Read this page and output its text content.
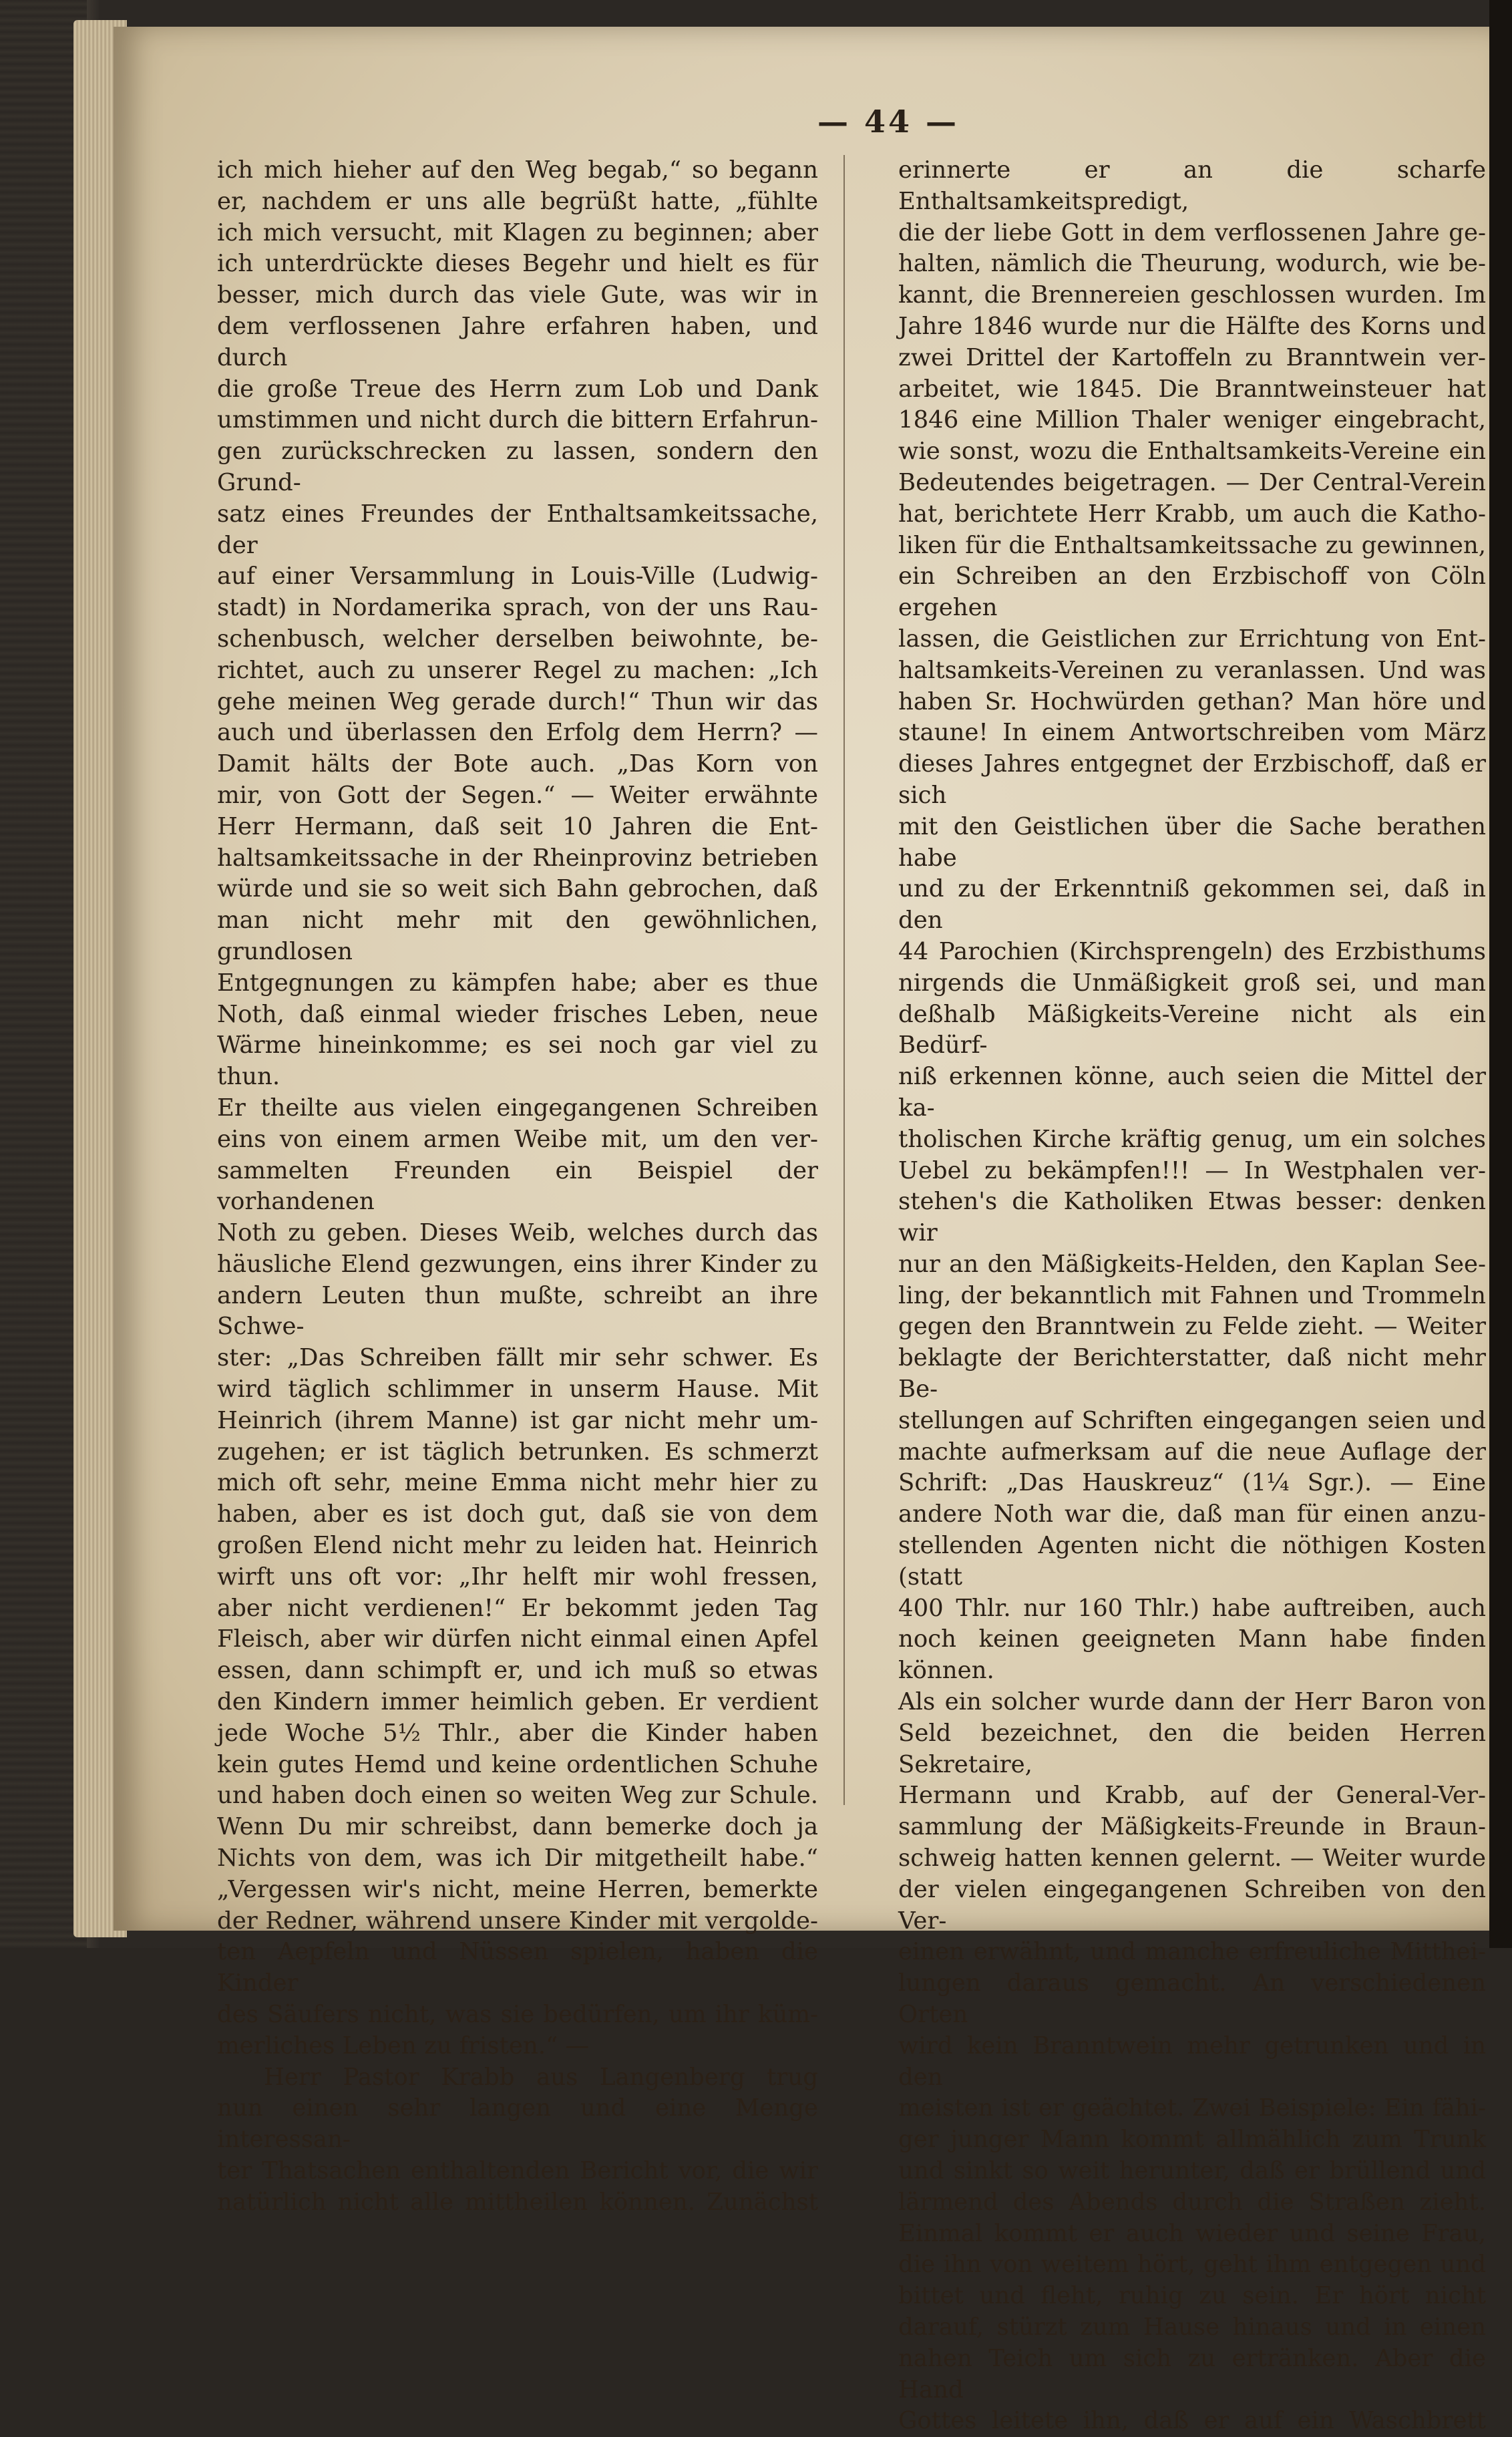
— 44 —

ich mich hieher auf den Weg begab,“ so begann

er, nachdem er uns alle begrüßt hatte, „fühlte

ich mich versucht, mit Klagen zu beginnen; aber

ich unterdrückte dieses Begehr und hielt es für

besser, mich durch das viele Gute, was wir in

dem verflossenen Jahre erfahren haben, und durch

die große Treue des Herrn zum Lob und Dank

umstimmen und nicht durch die bittern Erfahrun-

gen zurückschrecken zu lassen, sondern den Grund-

satz eines Freundes der Enthaltsamkeitssache, der

auf einer Versammlung in Louis-Ville (Ludwig-

stadt) in Nordamerika sprach, von der uns Rau-

schenbusch, welcher derselben beiwohnte, be-

richtet, auch zu unserer Regel zu machen: „Ich

gehe meinen Weg gerade durch!“ Thun wir das

auch und überlassen den Erfolg dem Herrn? —

Damit hälts der Bote auch. „Das Korn von

mir, von Gott der Segen.“ — Weiter erwähnte

Herr Hermann, daß seit 10 Jahren die Ent-

haltsamkeitssache in der Rheinprovinz betrieben

würde und sie so weit sich Bahn gebrochen, daß

man nicht mehr mit den gewöhnlichen, grundlosen

Entgegnungen zu kämpfen habe; aber es thue

Noth, daß einmal wieder frisches Leben, neue

Wärme hineinkomme; es sei noch gar viel zu thun.

Er theilte aus vielen eingegangenen Schreiben

eins von einem armen Weibe mit, um den ver-

sammelten Freunden ein Beispiel der vorhandenen

Noth zu geben. Dieses Weib, welches durch das

häusliche Elend gezwungen, eins ihrer Kinder zu

andern Leuten thun mußte, schreibt an ihre Schwe-

ster: „Das Schreiben fällt mir sehr schwer. Es

wird täglich schlimmer in unserm Hause. Mit

Heinrich (ihrem Manne) ist gar nicht mehr um-

zugehen; er ist täglich betrunken. Es schmerzt

mich oft sehr, meine Emma nicht mehr hier zu

haben, aber es ist doch gut, daß sie von dem

großen Elend nicht mehr zu leiden hat. Heinrich

wirft uns oft vor: „Ihr helft mir wohl fressen,

aber nicht verdienen!“ Er bekommt jeden Tag

Fleisch, aber wir dürfen nicht einmal einen Apfel

essen, dann schimpft er, und ich muß so etwas

den Kindern immer heimlich geben. Er verdient

jede Woche 5½ Thlr., aber die Kinder haben

kein gutes Hemd und keine ordentlichen Schuhe

und haben doch einen so weiten Weg zur Schule.

Wenn Du mir schreibst, dann bemerke doch ja

Nichts von dem, was ich Dir mitgetheilt habe.“

„Vergessen wir's nicht, meine Herren, bemerkte

der Redner, während unsere Kinder mit vergolde-

ten Aepfeln und Nüssen spielen, haben die Kinder

des Säufers nicht, was sie bedürfen, um ihr küm-

merliches Leben zu fristen.“ —

Herr Pastor Krabb aus Langenberg trug

nun einen sehr langen und eine Menge interessan-

ter Thatsachen enthaltenden Bericht vor, die wir

natürlich nicht alle mittheilen können. Zunächst

erinnerte er an die scharfe Enthaltsamkeitspredigt,

die der liebe Gott in dem verflossenen Jahre ge-

halten, nämlich die Theurung, wodurch, wie be-

kannt, die Brennereien geschlossen wurden. Im

Jahre 1846 wurde nur die Hälfte des Korns und

zwei Drittel der Kartoffeln zu Branntwein ver-

arbeitet, wie 1845. Die Branntweinsteuer hat

1846 eine Million Thaler weniger eingebracht,

wie sonst, wozu die Enthaltsamkeits-Vereine ein

Bedeutendes beigetragen. — Der Central-Verein

hat, berichtete Herr Krabb, um auch die Katho-

liken für die Enthaltsamkeitssache zu gewinnen,

ein Schreiben an den Erzbischoff von Cöln ergehen

lassen, die Geistlichen zur Errichtung von Ent-

haltsamkeits-Vereinen zu veranlassen. Und was

haben Sr. Hochwürden gethan? Man höre und

staune! In einem Antwortschreiben vom März

dieses Jahres entgegnet der Erzbischoff, daß er sich

mit den Geistlichen über die Sache berathen habe

und zu der Erkenntniß gekommen sei, daß in den

44 Parochien (Kirchsprengeln) des Erzbisthums

nirgends die Unmäßigkeit groß sei, und man

deßhalb Mäßigkeits-Vereine nicht als ein Bedürf-

niß erkennen könne, auch seien die Mittel der ka-

tholischen Kirche kräftig genug, um ein solches

Uebel zu bekämpfen!!! — In Westphalen ver-

stehen's die Katholiken Etwas besser: denken wir

nur an den Mäßigkeits-Helden, den Kaplan See-

ling, der bekanntlich mit Fahnen und Trommeln

gegen den Branntwein zu Felde zieht. — Weiter

beklagte der Berichterstatter, daß nicht mehr Be-

stellungen auf Schriften eingegangen seien und

machte aufmerksam auf die neue Auflage der

Schrift: „Das Hauskreuz“ (1¼ Sgr.). — Eine

andere Noth war die, daß man für einen anzu-

stellenden Agenten nicht die nöthigen Kosten (statt

400 Thlr. nur 160 Thlr.) habe auftreiben, auch

noch keinen geeigneten Mann habe finden können.

Als ein solcher wurde dann der Herr Baron von

Seld bezeichnet, den die beiden Herren Sekretaire,

Hermann und Krabb, auf der General-Ver-

sammlung der Mäßigkeits-Freunde in Braun-

schweig hatten kennen gelernt. — Weiter wurde

der vielen eingegangenen Schreiben von den Ver-

einen erwähnt, und manche erfreuliche Mitthei-

lungen daraus gemacht. An verschiedenen Orten

wird kein Branntwein mehr getrunken und in den

meisten ist er geächtet. Zwei Beispiele: Ein fähi-

ger junger Mann kommt allmählich zum Trunk

und sinkt so weit herunter, daß er brüllend und

lärmend des Abends durch die Straßen zieht.

Einmal kommt er auch wieder und seine Frau,

die ihn von weitem hört, geht ihm entgegen und

bittet und fleht, ruhig zu sein. Er hört nicht

darauf, stürzt zum Hause hinaus und in einen

nahen Teich um sich zu ertränken. Aber die Hand

Gottes leitete ihn, daß er auf ein Waschbrett
